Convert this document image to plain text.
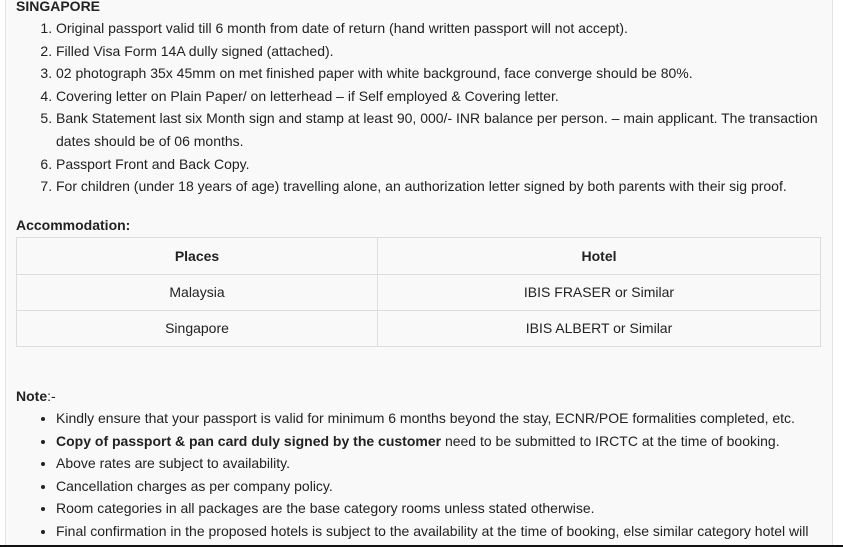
SINGAPORE

1. Original passport valid till 6 month from date of return (hand written passport will not accept).
2. Filled Visa Form 14A dully signed (attached).
3. 02 photograph 35x 45mm on met finished paper with white background, face converge should be 80%.
4. Covering letter on Plain Paper/ on letterhead – if Self employed & Covering letter.
5. Bank Statement last six Month sign and stamp at least 90, 000/- INR balance per person. – main applicant. The transaction dates should be of 06 months.
6. Passport Front and Back Copy.
7. For children (under 18 years of age) travelling alone, an authorization letter signed by both parents with their sig proof.

Accommodation:

Places	Hotel
Malaysia	IBIS FRASER or Similar
Singapore	IBIS ALBERT or Similar

Note:-

• Kindly ensure that your passport is valid for minimum 6 months beyond the stay, ECNR/POE formalities completed, etc.
• Copy of passport & pan card duly signed by the customer need to be submitted to IRCTC at the time of booking.
• Above rates are subject to availability.
• Cancellation charges as per company policy.
• Room categories in all packages are the base category rooms unless stated otherwise.
• Final confirmation in the proposed hotels is subject to the availability at the time of booking, else similar category hotel will
